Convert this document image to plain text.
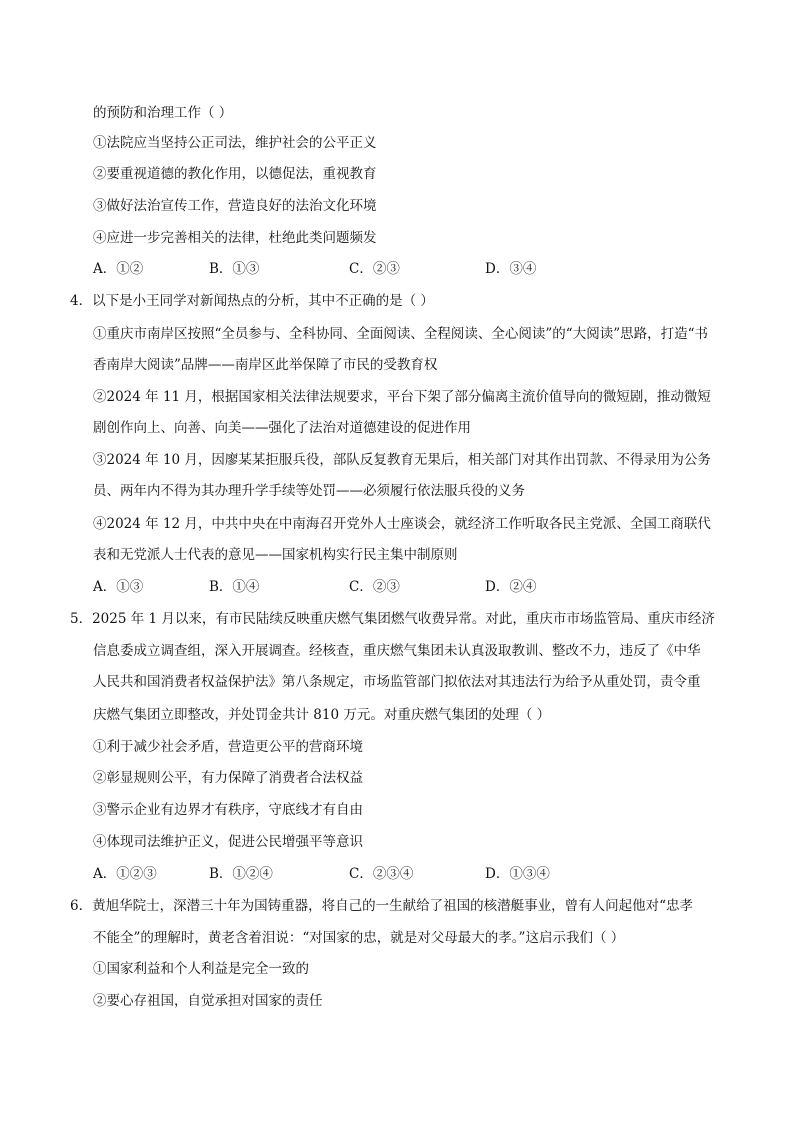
的预防和治理工作（ ）
①法院应当坚持公正司法，维护社会的公平正义
②要重视道德的教化作用，以德促法，重视教育
③做好法治宣传工作，营造良好的法治文化环境
④应进一步完善相关的法律，杜绝此类问题频发
A．①②	B．①③	C．②③	D．③④
4．以下是小王同学对新闻热点的分析，其中不正确的是（ ）
①重庆市南岸区按照“全员参与、全科协同、全面阅读、全程阅读、全心阅读”的“大阅读”思路，打造“书
香南岸大阅读”品牌——南岸区此举保障了市民的受教育权
②2024 年 11 月，根据国家相关法律法规要求，平台下架了部分偏离主流价值导向的微短剧，推动微短
剧创作向上、向善、向美——强化了法治对道德建设的促进作用
③2024 年 10 月，因廖某某拒服兵役，部队反复教育无果后，相关部门对其作出罚款、不得录用为公务
员、两年内不得为其办理升学手续等处罚——必须履行依法服兵役的义务
④2024 年 12 月，中共中央在中南海召开党外人士座谈会，就经济工作听取各民主党派、全国工商联代
表和无党派人士代表的意见——国家机构实行民主集中制原则
A．①③	B．①④	C．②③	D．②④
5．2025 年 1 月以来，有市民陆续反映重庆燃气集团燃气收费异常。对此，重庆市市场监管局、重庆市经济
信息委成立调查组，深入开展调查。经核查，重庆燃气集团未认真汲取教训、整改不力，违反了《中华
人民共和国消费者权益保护法》第八条规定，市场监管部门拟依法对其违法行为给予从重处罚，责令重
庆燃气集团立即整改，并处罚金共计 810 万元。对重庆燃气集团的处理（ ）
①利于减少社会矛盾，营造更公平的营商环境
②彰显规则公平，有力保障了消费者合法权益
③警示企业有边界才有秩序，守底线才有自由
④体现司法维护正义，促进公民增强平等意识
A．①②③	B．①②④	C．②③④	D．①③④
6．黄旭华院士，深潜三十年为国铸重器，将自己的一生献给了祖国的核潜艇事业，曾有人问起他对“忠孝
不能全”的理解时，黄老含着泪说：“对国家的忠，就是对父母最大的孝。”这启示我们（ ）
①国家利益和个人利益是完全一致的
②要心存祖国，自觉承担对国家的责任
